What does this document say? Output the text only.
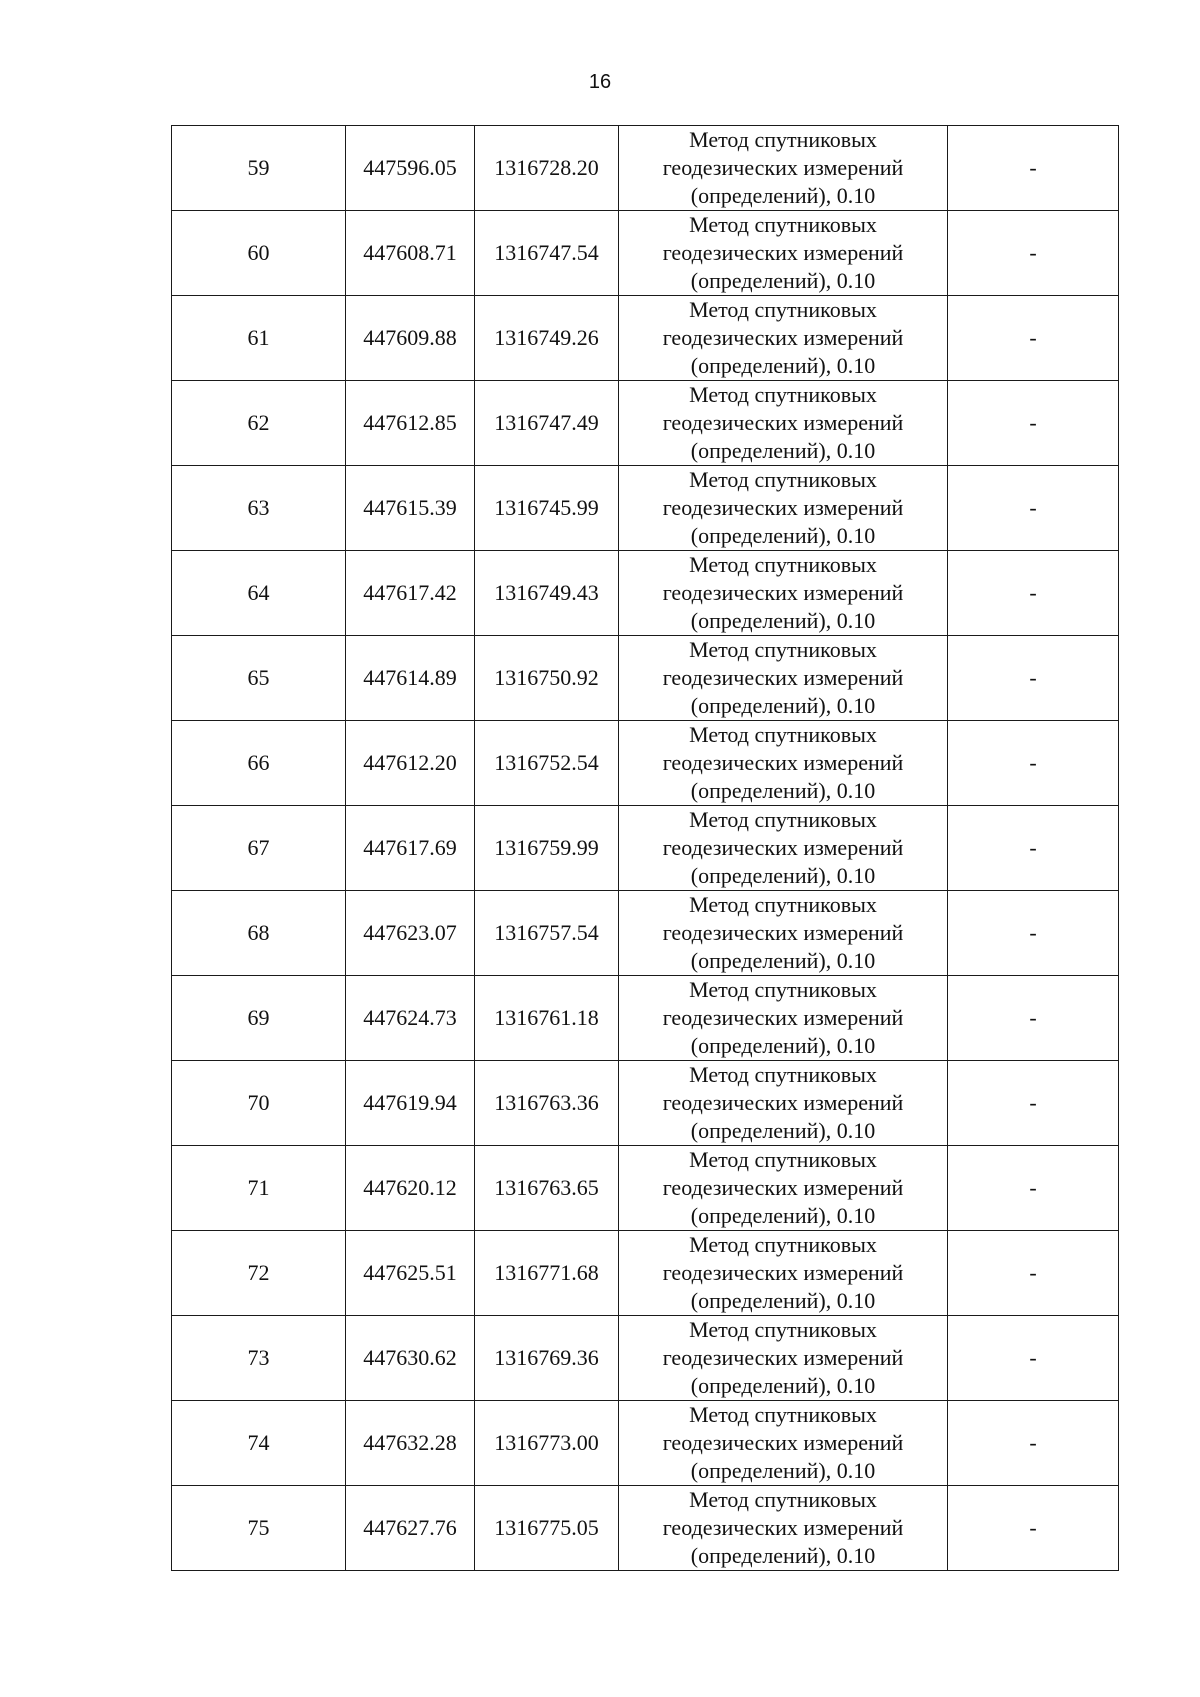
16
59	447596.05	1316728.20	Метод спутниковых
геодезических измерений
(определений), 0.10	-
60	447608.71	1316747.54	Метод спутниковых
геодезических измерений
(определений), 0.10	-
61	447609.88	1316749.26	Метод спутниковых
геодезических измерений
(определений), 0.10	-
62	447612.85	1316747.49	Метод спутниковых
геодезических измерений
(определений), 0.10	-
63	447615.39	1316745.99	Метод спутниковых
геодезических измерений
(определений), 0.10	-
64	447617.42	1316749.43	Метод спутниковых
геодезических измерений
(определений), 0.10	-
65	447614.89	1316750.92	Метод спутниковых
геодезических измерений
(определений), 0.10	-
66	447612.20	1316752.54	Метод спутниковых
геодезических измерений
(определений), 0.10	-
67	447617.69	1316759.99	Метод спутниковых
геодезических измерений
(определений), 0.10	-
68	447623.07	1316757.54	Метод спутниковых
геодезических измерений
(определений), 0.10	-
69	447624.73	1316761.18	Метод спутниковых
геодезических измерений
(определений), 0.10	-
70	447619.94	1316763.36	Метод спутниковых
геодезических измерений
(определений), 0.10	-
71	447620.12	1316763.65	Метод спутниковых
геодезических измерений
(определений), 0.10	-
72	447625.51	1316771.68	Метод спутниковых
геодезических измерений
(определений), 0.10	-
73	447630.62	1316769.36	Метод спутниковых
геодезических измерений
(определений), 0.10	-
74	447632.28	1316773.00	Метод спутниковых
геодезических измерений
(определений), 0.10	-
75	447627.76	1316775.05	Метод спутниковых
геодезических измерений
(определений), 0.10	-
